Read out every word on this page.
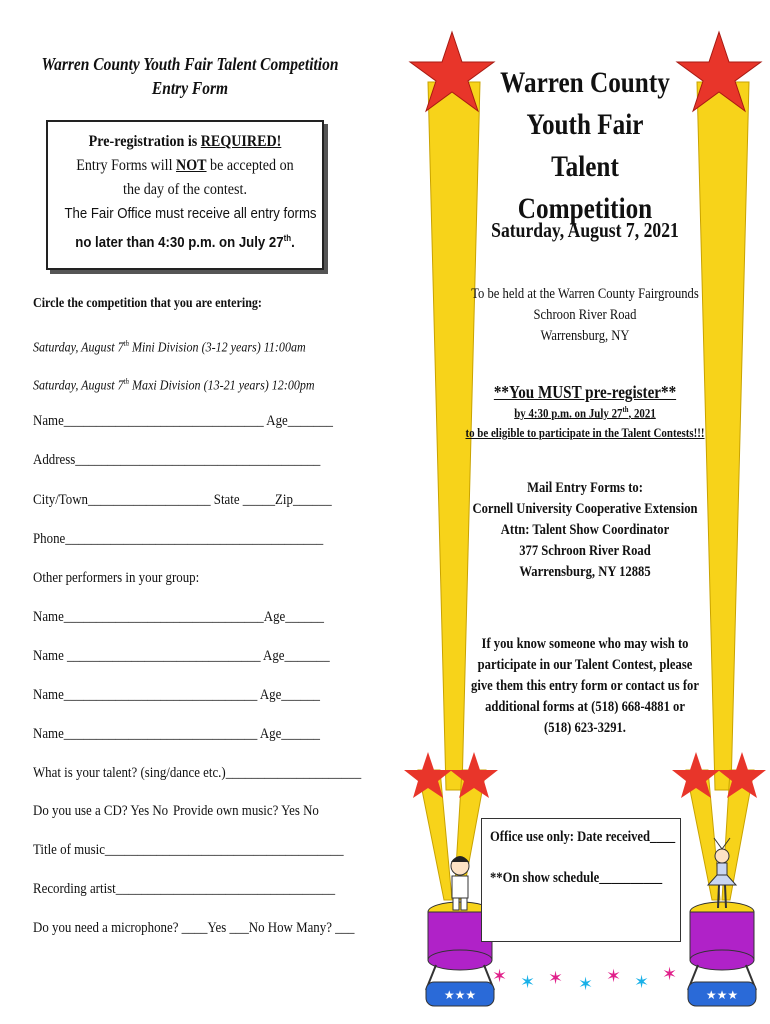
Warren County Youth Fair Talent Competition
Entry Form
Pre-registration is REQUIRED!
Entry Forms will NOT be accepted on
the day of the contest.
The Fair Office must receive all entry forms
no later than 4:30 p.m. on July 27th.
Circle the competition that you are entering:
Saturday, August 7th Mini Division (3-12 years) 11:00am
Saturday, August 7th Maxi Division (13-21 years) 12:00pm
Name_______________________________ Age_______
Address______________________________________
City/Town___________________ State _____Zip______
Phone________________________________________
Other performers in your group:
Name_______________________________Age______
Name ______________________________ Age_______
Name______________________________ Age______
Name______________________________ Age______
What is your talent? (sing/dance etc.)_____________________
Do you use a CD? Yes No Provide own music? Yes No
Title of music_____________________________________
Recording artist__________________________________
Do you need a microphone? ____Yes ___No How Many? ___
★★★	★★★
✶ ✶ ✶ ✶ ✶ ✶ ✶
Warren County
Youth Fair
Talent Competition
Saturday, August 7, 2021
To be held at the Warren County Fairgrounds
Schroon River Road
Warrensburg, NY
**You MUST pre-register**
by 4:30 p.m. on July 27th, 2021
to be eligible to participate in the Talent Contests!!!
Mail Entry Forms to:
Cornell University Cooperative Extension
Attn: Talent Show Coordinator
377 Schroon River Road
Warrensburg, NY 12885
If you know someone who may wish to
participate in our Talent Contest, please
give them this entry form or contact us for
additional forms at (518) 668-4881 or
(518) 623-3291.
Office use only: Date received____
**On show schedule__________
